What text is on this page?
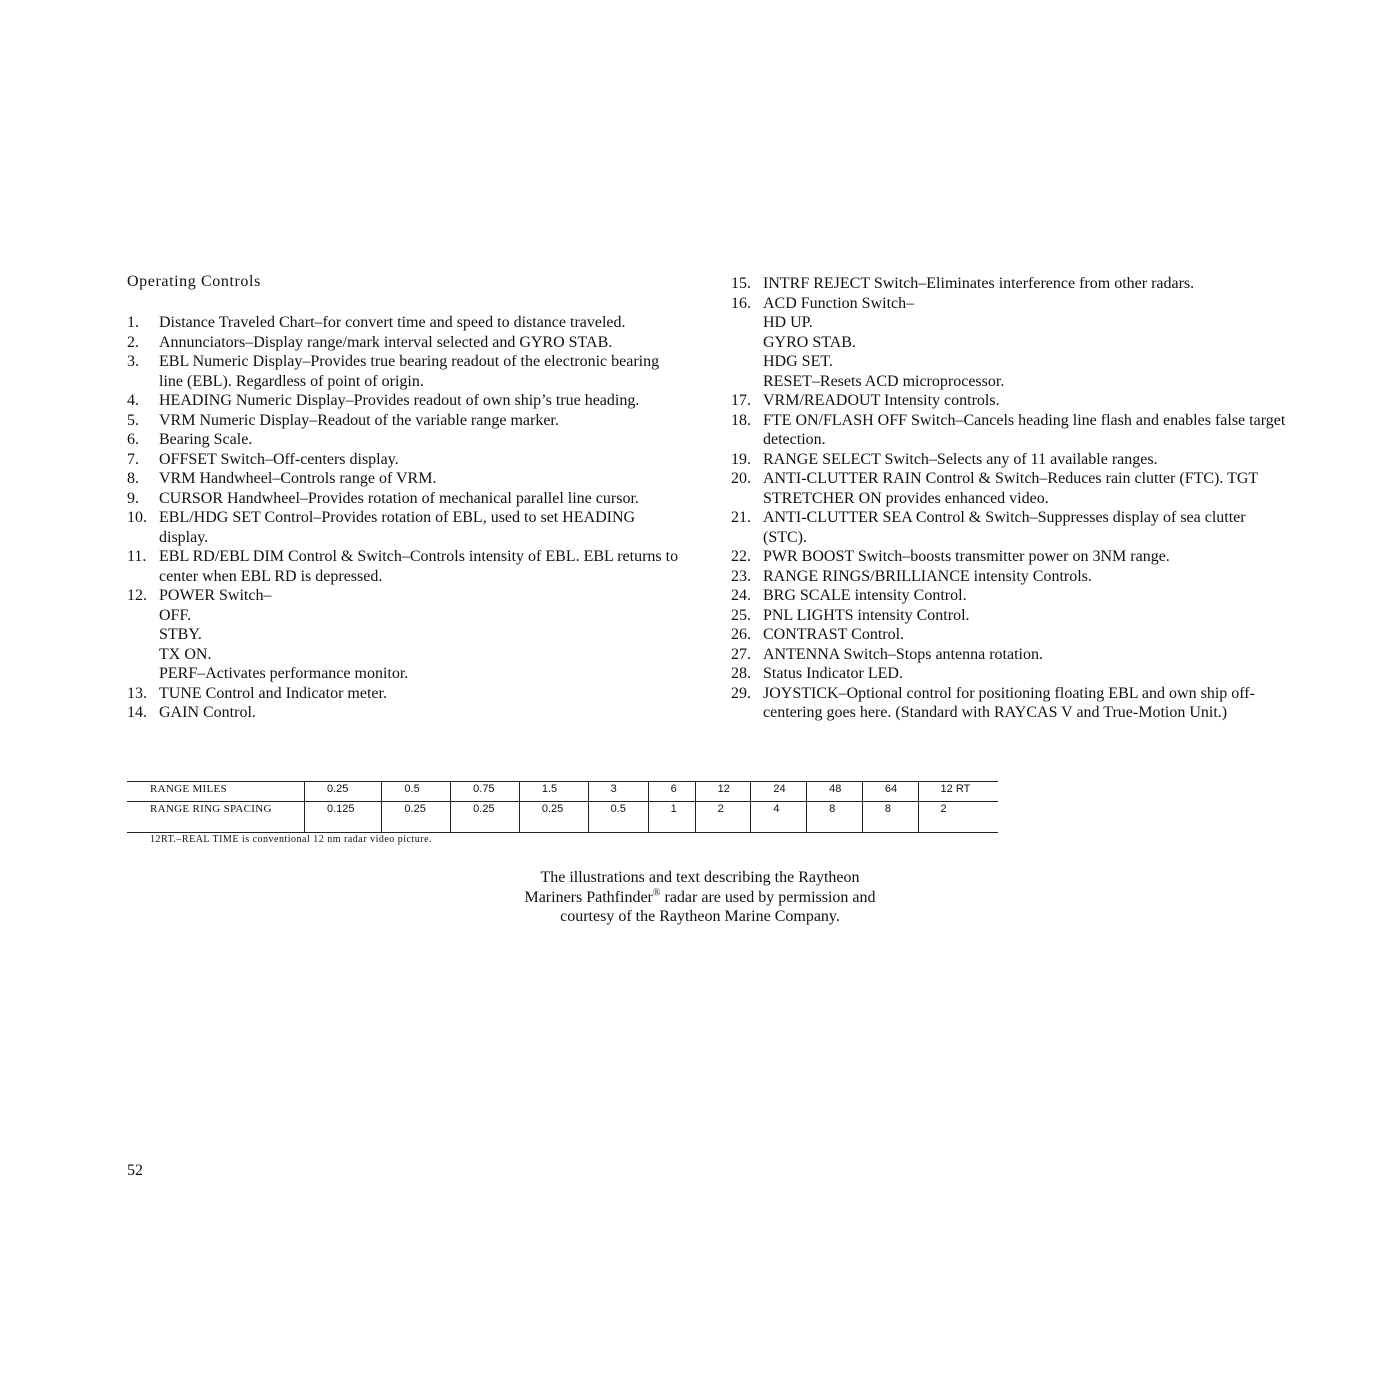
Operating Controls
1. Distance Traveled Chart–for convert time and speed to distance traveled.
2. Annunciators–Display range/mark interval selected and GYRO STAB.
3. EBL Numeric Display–Provides true bearing readout of the electronic bearing line (EBL). Regardless of point of origin.
4. HEADING Numeric Display–Provides readout of own ship’s true heading.
5. VRM Numeric Display–Readout of the variable range marker.
6. Bearing Scale.
7. OFFSET Switch–Off-centers display.
8. VRM Handwheel–Controls range of VRM.
9. CURSOR Handwheel–Provides rotation of mechanical parallel line cursor.
10. EBL/HDG SET Control–Provides rotation of EBL, used to set HEADING display.
11. EBL RD/EBL DIM Control & Switch–Controls intensity of EBL. EBL returns to center when EBL RD is depressed.
12. POWER Switch–
OFF.
STBY.
TX ON.
PERF–Activates performance monitor.
13. TUNE Control and Indicator meter.
14. GAIN Control.
15. INTRF REJECT Switch–Eliminates interference from other radars.
16. ACD Function Switch–
HD UP.
GYRO STAB.
HDG SET.
RESET–Resets ACD microprocessor.
17. VRM/READOUT Intensity controls.
18. FTE ON/FLASH OFF Switch–Cancels heading line flash and enables false target detection.
19. RANGE SELECT Switch–Selects any of 11 available ranges.
20. ANTI-CLUTTER RAIN Control & Switch–Reduces rain clutter (FTC). TGT STRETCHER ON provides enhanced video.
21. ANTI-CLUTTER SEA Control & Switch–Suppresses display of sea clutter (STC).
22. PWR BOOST Switch–boosts transmitter power on 3NM range.
23. RANGE RINGS/BRILLIANCE intensity Controls.
24. BRG SCALE intensity Control.
25. PNL LIGHTS intensity Control.
26. CONTRAST Control.
27. ANTENNA Switch–Stops antenna rotation.
28. Status Indicator LED.
29. JOYSTICK–Optional control for positioning floating EBL and own ship off-centering goes here. (Standard with RAYCAS V and True-Motion Unit.)
RANGE MILES	0.25	0.5	0.75	1.5	3	6	12	24	48	64	12 RT
RANGE RING SPACING	0.125	0.25	0.25	0.25	0.5	1	2	4	8	8	2

12RT.–REAL TIME is conventional 12 nm radar video picture.

The illustrations and text describing the Raytheon
Mariners Pathfinder® radar are used by permission and
courtesy of the Raytheon Marine Company.

52
